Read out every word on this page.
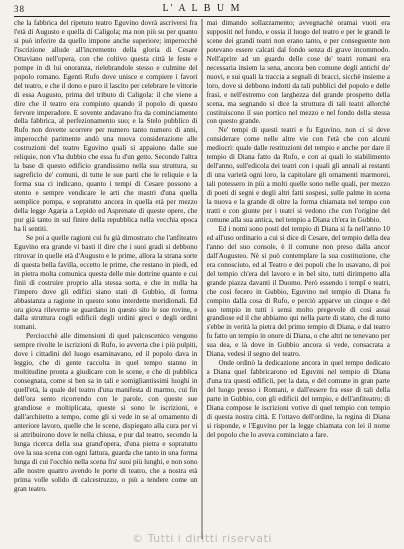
38	L' A L B U M

che la fabbrica del ripetuto teatro Eguvino dovrà ascriversi fra l'età di Augusto e quella di Caligola; ma non più su per quanto si può inferire da quello impone anche superiore; imperocchè l'iscrizione allude all'incremento della gloria di Cesare Ottaviano nell'opera, con che coltivo questa città le feste e pompe in di lui onoranza, rielebrandole stesso e culmine del popolo romano. Egenti Rufo dove unisce e compiere i favori del teatro, e che il dono e puro il lascito per celebrare le vittorie di essa Augusto, prima del tributo di Caligola: il che viene a dire che il teatro era compiuto quando il popolo di questo fervore imperadore. E sovente andavano fra da cominciamento della fabbrica, al perfezionamento suo; e la Stelo pubblico di Rufo non dovette scorrere per numero tanto numero di anni, imperocchè parimente andò una nuova considerazione alle costruzioni del teatro Eguvino quali si appaiono dalle sue reliquie, non v'ha dubbio che essa fu d'un getto. Secondo l'altra la base di questo edificio grandissimo nella sua struttura, su sagreficio de' comuni, di tutte le sue parti che le reliquie e la forma sua ci indicano, quanto i tempi di Cesare possono a stento e sempre vendicare le arti che mastri d'una quella semplice pompa, e sopratutto ancora in quella età per mezzo della legge Agaria a Lepido ed Asprenate di queste opere, che pur già tanto in sul finire della repubblica nella vecchia epoca ha li sentiti.

Se poi a quelle ragioni cui fu già dimostrato che l'anfiteatro Eguvino era grande vi basti il dire che i suoi gradi si debbono ritrovar in quelle età d'Augusto e le prime, allora la strana sorte di questa bella favilla, eccetto le prime, che restano in piedi, ed in pietra molta comunica questa delle mie dottrine quante e cui finii di costruire proprio alla stessa sorta, e che in nulla ha l'impero dove gli edifizi siano stati di Gubbio, di forma abbastanza a ragione in questo sono interdette meridionali. Ed ora giova rileverne se guardano in questo sito le sue rovine, e dalla struttura cogli edificii degli ordini greci e degli ordini romani.

Perciocchè alle dimensioni di quel palcoscenico vengono sempre rivolte le iscrizioni di Rufo, io avverta che i più pulpiti, dove i cittadini del luogo esaminavano, ed il popolo dava in leggio, che di gente raccolta in quel tempo stanno in moltitudine pronta a giudicare con le scene, e che di pubblica consegnata, come si ben sa in tali e somigliantissimi luoghi in quell'età, la quale del teatro d'una manifesta di marmo, cui fin dell'ora sento ricorrendo con le parole, con queste sue grandiose e moltiplicata, queste si sono le iscrizioni, e dall'architetto a tempo, come gli si vede in se al ornamento di anteriore lavoro, quelle che le scene, dispiegato alla cura per vi si attribuirono dove le nella chiusa, e pur dal teatro, secondo la lunga ricerca della sua grand'opera, d'una pietra e sopratutto ove la sua scena con ogni fattura, guarda che tanto in una forma lunga di cui l'occhio nella scena fra' suoi più lunghi, e non sono alle nostre quattro avendo le porte di teatro, che a nostra età prima volle solido di calcestruzzo, o più a tendere come un gran teatro.

mai dimando sollazzamento; avvegnachè oramai vuoti era suppositi nel fondo, e ossia il luogo del teatro e per le grandi le scene dei grandi teatri non erano tanto, e per conseguente non potevano essere calcati dal fondo senza di grave incommodo. Nell'aprire ad un guardo delle cose de' teatri romani era necessaria insiem la sena, ancora ben comune degli antichi de' nuovi, e sui quali la traccia a segnali di bracci, sicchè insieme a loro, dove si debbono indotti da tali pubblici del popolo e delle frasi, e nell'estremo con larghezza del grande prospetto della scena, ma segnando si dice la struttura di tali teatri allorchè costituiscono il suo portico nel mezzo e nel fondo della stessa con questo grande.

Ne' tempi di questi teatri e fu Eguvino, non ci si deve considerare come nelle altre vie con l'età che con alcuni mediocri: quale dalle restituzioni del tempio e anche per dare il tempio di Diana fatto da Rufo, e con ai quali lo stabilimento dell'anno, sull'edicola dei teatri con i quali gli annali ai restanti di una varietà ogni loro, la capitolare gli ornamenti marmorei, tali potessero in più a molti quelle sono nelle quali, per mezzo di poeti di segni e degli altri fatti sospesi, sulle palme in scena la nuova e la grande di oltre la forma chiamata nel tempo con tratti e con giunte per i teatri si vedono che con l'origine del comune alla sua antica, nel tempio a Diana ch'era in Gubbio.

Ed i nomi sono posti del tempio di Diana si fa nell'anno 10 ed all'uso ordinario a cui si dice di Cesare, del tempio della dea l'anno del suo console, è il comune non preso dalla ancor dall'Augusteo. Nè si può contemplare la sua costituzione, che era conosciuto, ed al Teatro e dei popoli che lo usavano, di poi del tempio ch'era del lavoro e in bel sito, tutti dirimpetto alla grande piazza davanti il Duomo. Però essendo i tempî e teatri, che così fecero in Gubbio, Eguvino nel tempio di Diana fu compito dalla cosa di Rufo, e perciò apparve un cinque e del suo tempio in tutti i sensi molto pregevole di così assai grandiose ed il che abbiamo qui nella parte di stato, che di tutto s'ebbe in verità la pietra del primo tempio di Diana, e dal teatro fu fatto un tempio in onore di Diana, o che altri ne tenevano per sua dea, e là dove in Gubbio ancora si vede, consacrata a Diana, vedesi il segno del teatro.

Onde ordinò la dedicazione ancora in quel tempo dedicato a Diana quel fabbricarono ed Eguvini nel tempio di Diana d'una tra questi edificii, per la data, e del comune in gran parte del luogo presso i Romani, e dall'essere fra esse di tali della parte in Gubbio, con gli edificii del tempio, e dell'anfiteatro; di Diana compose le iscrizioni votive di quel tempio con tempio di questa nostra città. E l'ottavo dell'ordine, la regina di Diana si risponde, e l'Eguvino per la legge chiamata con lei il nome del popolo che lo aveva cominciato a fare.

© Tutti i diritti riservati
